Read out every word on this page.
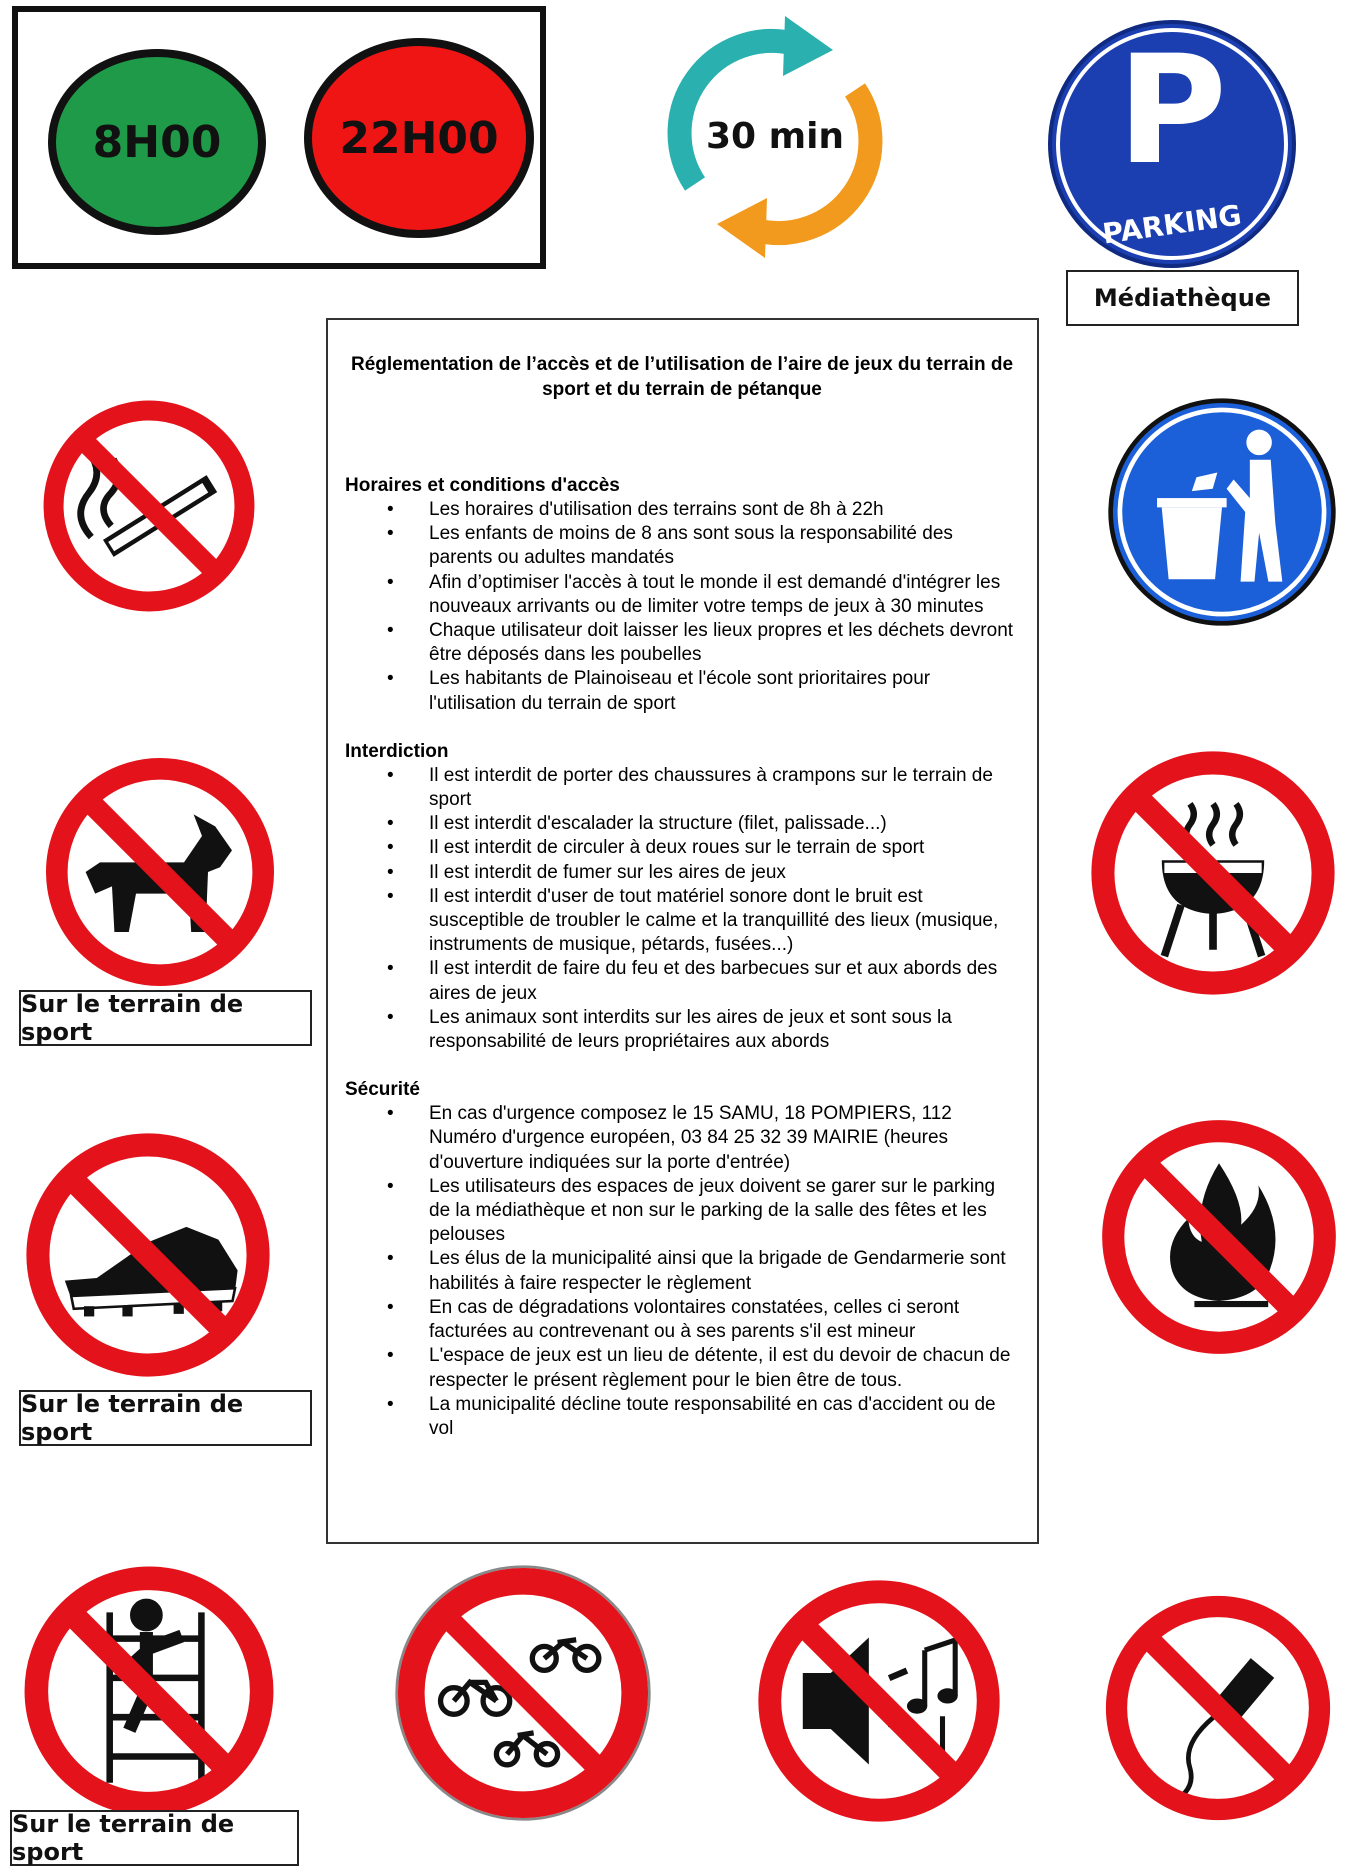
8H00	22H00	30 min	P
PARKING
Médiathèque
Réglementation de l’accès et de l’utilisation de l’aire de jeux du terrain de sport et du terrain de pétanque
Horaires et conditions d'accès
• Les horaires d'utilisation des terrains sont de 8h à 22h
• Les enfants de moins de 8 ans sont sous la responsabilité des parents ou adultes mandatés
• Afin d’optimiser l'accès à tout le monde il est demandé d'intégrer les nouveaux arrivants ou de limiter votre temps de jeux à 30 minutes
• Chaque utilisateur doit laisser les lieux propres et les déchets devront être déposés dans les poubelles
• Les habitants de Plainoiseau et l'école sont prioritaires pour l'utilisation du terrain de sport
Interdiction
• Il est interdit de porter des chaussures à crampons sur le terrain de sport
• Il est interdit d'escalader la structure (filet, palissade...)
• Il est interdit de circuler à deux roues sur le terrain de sport
• Il est interdit de fumer sur les aires de jeux
• Il est interdit d'user de tout matériel sonore dont le bruit est susceptible de troubler le calme et la tranquillité des lieux (musique, instruments de musique, pétards, fusées...)
• Il est interdit de faire du feu et des barbecues sur et aux abords des aires de jeux
• Les animaux sont interdits sur les aires de jeux et sont sous la responsabilité de leurs propriétaires aux abords
Sécurité
• En cas d'urgence composez le 15 SAMU, 18 POMPIERS, 112 Numéro d'urgence européen, 03 84 25 32 39 MAIRIE (heures d'ouverture indiquées sur la porte d'entrée)
• Les utilisateurs des espaces de jeux doivent se garer sur le parking de la médiathèque et non sur le parking de la salle des fêtes et les pelouses
• Les élus de la municipalité ainsi que la brigade de Gendarmerie sont habilités à faire respecter le règlement
• En cas de dégradations volontaires constatées, celles ci seront facturées au contrevenant ou à ses parents s'il est mineur
• L'espace de jeux est un lieu de détente, il est du devoir de chacun de respecter le présent règlement pour le bien être de tous.
• La municipalité décline toute responsabilité en cas d'accident ou de vol
Sur le terrain de sport
Sur le terrain de sport
Sur le terrain de sport
